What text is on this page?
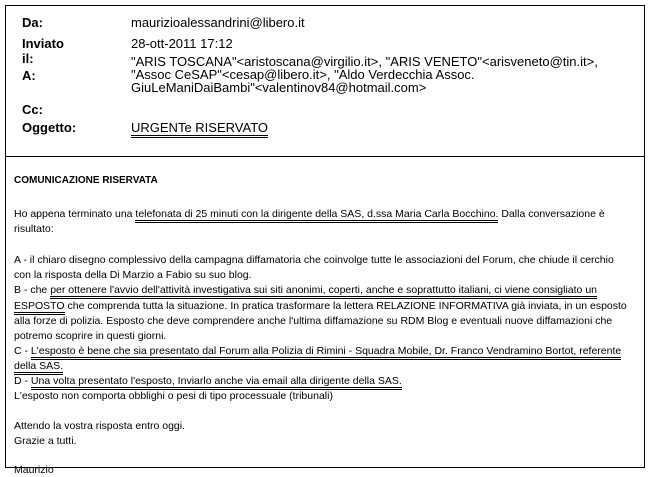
Da:	maurizioalessandrini@libero.it
Inviato il:
28-ott-2011 17:12
A:
"ARIS TOSCANA"<aristoscana@virgilio.it>, "ARIS VENETO"<arisveneto@tin.it>,
"Assoc CeSAP"<cesap@libero.it>, "Aldo Verdecchia Assoc.
GiuLeManiDaiBambi"<valentinov84@hotmail.com>
Cc:
Oggetto:	URGENTe RISERVATO
COMUNICAZIONE RISERVATA
Ho appena terminato una telefonata di 25 minuti con la dirigente della SAS, d.ssa Maria Carla Bocchino. Dalla conversazione è
risultato:
A - il chiaro disegno complessivo della campagna diffamatoria che coinvolge tutte le associazioni del Forum, che chiude il cerchio
con la risposta della Di Marzio a Fabio su suo blog.
B - che per ottenere l'avvio dell'attività investigativa sui siti anonimi, coperti, anche e soprattutto italiani, ci viene consigliato un
ESPOSTO che comprenda tutta la situazione. In pratica trasformare la lettera RELAZIONE INFORMATIVA già inviata, in un esposto
alla forze di polizia. Esposto che deve comprendere anche l'ultima diffamazione su RDM Blog e eventuali nuove diffamazioni che
potremo scoprire in questi giorni.
C - L'esposto è bene che sia presentato dal Forum alla Polizia di Rimini - Squadra Mobile, Dr. Franco Vendramino Bortot, referente
della SAS.
D - Una volta presentato l'esposto, Inviarlo anche via email alla dirigente della SAS.
L'esposto non comporta obblighi o pesi di tipo processuale (tribunali)
Attendo la vostra risposta entro oggi.
Grazie a tutti.
Maurizio
